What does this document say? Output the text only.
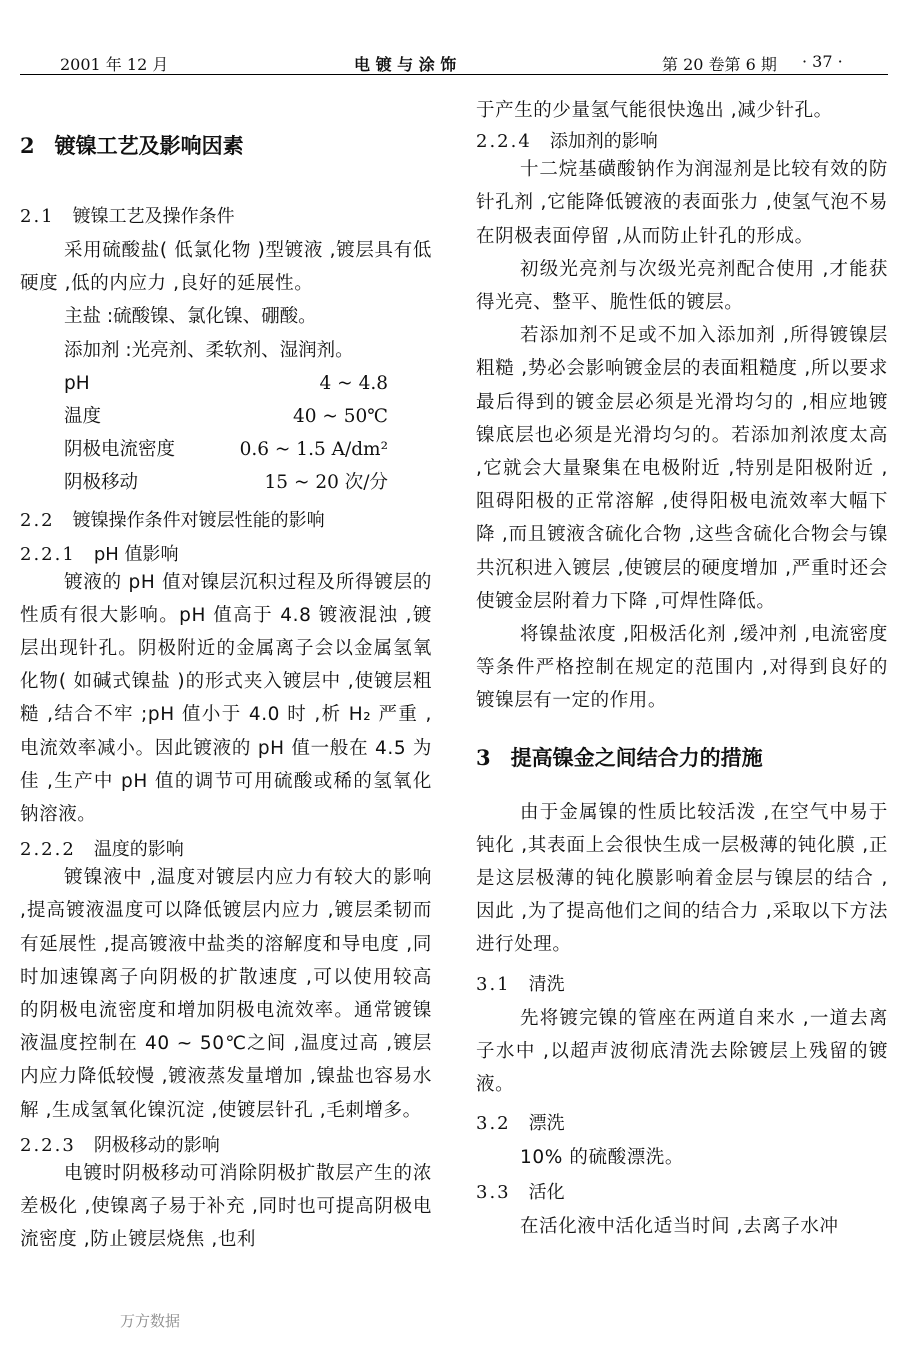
2001 年 12 月	电 镀 与 涂 饰	第 20 卷第 6 期 · 37 ·
2 镀镍工艺及影响因素
2.1 镀镍工艺及操作条件

采用硫酸盐( 低氯化物 )型镀液 ,镀层具有低硬度 ,低的内应力 ,良好的延展性。

主盐 :硫酸镍、氯化镍、硼酸。
添加剂 :光亮剂、柔软剂、湿润剂。
pH	4 ~ 4.8
温度	40 ~ 50℃
阴极电流密度	0.6 ~ 1.5 A/dm²
阴极移动	15 ~ 20 次/分
2.2 镀镍操作条件对镀层性能的影响
2.2.1 pH 值影响

镀液的 pH 值对镍层沉积过程及所得镀层的性质有很大影响。pH 值高于 4.8 镀液混浊 ,镀层出现针孔。阴极附近的金属离子会以金属氢氧化物( 如碱式镍盐 )的形式夹入镀层中 ,使镀层粗糙 ,结合不牢 ;pH 值小于 4.0 时 ,析 H₂ 严重 ,电流效率减小。因此镀液的 pH 值一般在 4.5 为佳 ,生产中 pH 值的调节可用硫酸或稀的氢氧化钠溶液。

2.2.2 温度的影响

镀镍液中 ,温度对镀层内应力有较大的影响 ,提高镀液温度可以降低镀层内应力 ,镀层柔韧而有延展性 ,提高镀液中盐类的溶解度和导电度 ,同时加速镍离子向阴极的扩散速度 ,可以使用较高的阴极电流密度和增加阴极电流效率。通常镀镍液温度控制在 40 ~ 50℃之间 ,温度过高 ,镀层内应力降低较慢 ,镀液蒸发量增加 ,镍盐也容易水解 ,生成氢氧化镍沉淀 ,使镀层针孔 ,毛刺增多。

2.2.3 阴极移动的影响

电镀时阴极移动可消除阴极扩散层产生的浓差极化 ,使镍离子易于补充 ,同时也可提高阴极电流密度 ,防止镀层烧焦 ,也利

于产生的少量氢气能很快逸出 ,减少针孔。

2.2.4 添加剂的影响

十二烷基磺酸钠作为润湿剂是比较有效的防针孔剂 ,它能降低镀液的表面张力 ,使氢气泡不易在阴极表面停留 ,从而防止针孔的形成。

初级光亮剂与次级光亮剂配合使用 ,才能获得光亮、整平、脆性低的镀层。

若添加剂不足或不加入添加剂 ,所得镀镍层粗糙 ,势必会影响镀金层的表面粗糙度 ,所以要求最后得到的镀金层必须是光滑均匀的 ,相应地镀镍底层也必须是光滑均匀的。若添加剂浓度太高 ,它就会大量聚集在电极附近 ,特别是阳极附近 ,阻碍阳极的正常溶解 ,使得阳极电流效率大幅下降 ,而且镀液含硫化合物 ,这些含硫化合物会与镍共沉积进入镀层 ,使镀层的硬度增加 ,严重时还会使镀金层附着力下降 ,可焊性降低。

将镍盐浓度 ,阳极活化剂 ,缓冲剂 ,电流密度等条件严格控制在规定的范围内 ,对得到良好的镀镍层有一定的作用。

3 提高镍金之间结合力的措施

由于金属镍的性质比较活泼 ,在空气中易于钝化 ,其表面上会很快生成一层极薄的钝化膜 ,正是这层极薄的钝化膜影响着金层与镍层的结合 ,因此 ,为了提高他们之间的结合力 ,采取以下方法进行处理。

3.1 清洗

先将镀完镍的管座在两道自来水 ,一道去离子水中 ,以超声波彻底清洗去除镀层上残留的镀液。

3.2 漂洗

10% 的硫酸漂洗。

3.3 活化

在活化液中活化适当时间 ,去离子水冲

万方数据
